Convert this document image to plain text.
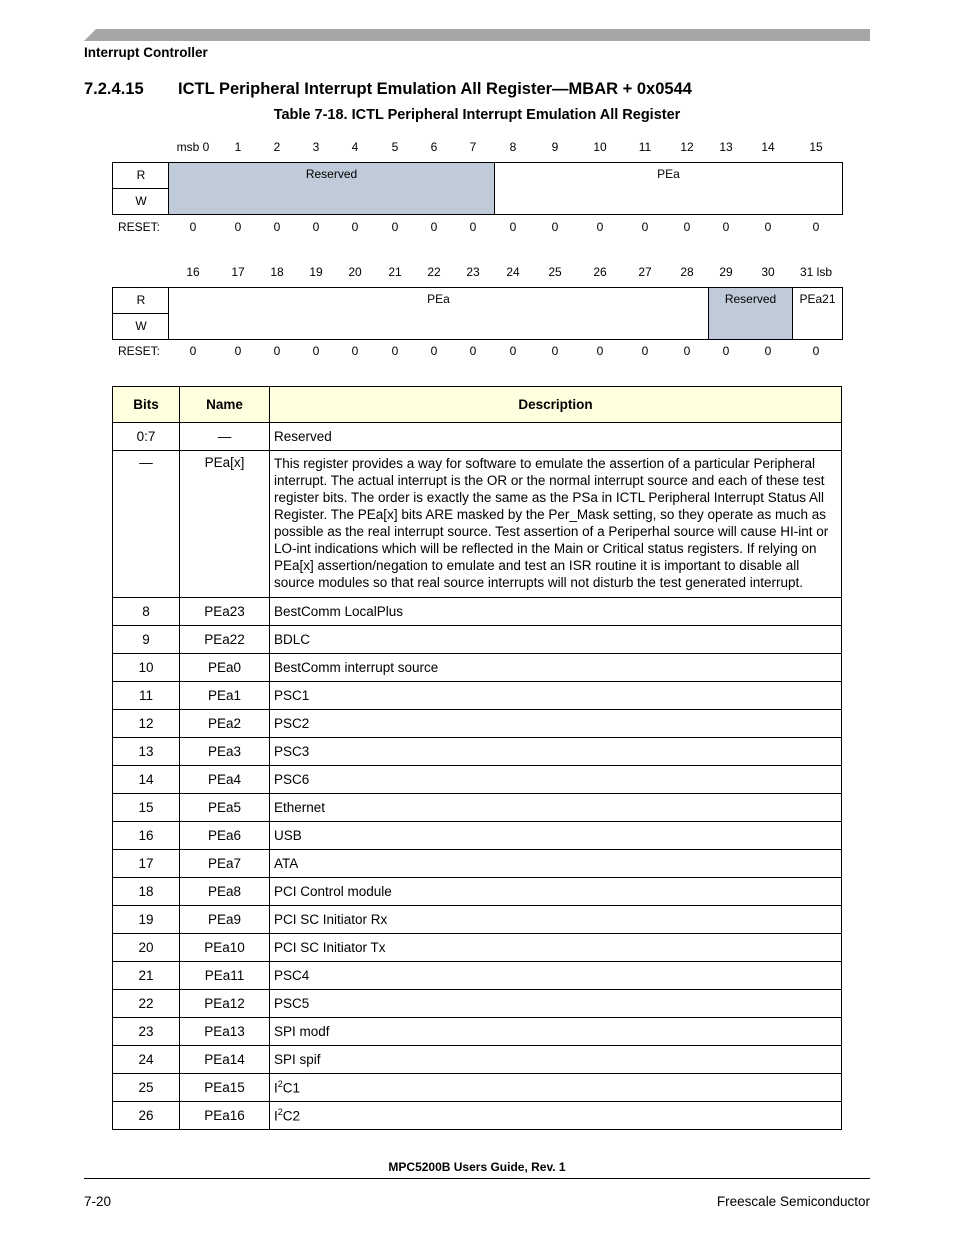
Interrupt Controller
7.2.4.15 ICTL Peripheral Interrupt Emulation All Register—MBAR + 0x0544
Table 7-18. ICTL Peripheral Interrupt Emulation All Register
msb 0 1	2	3	4	5	6	7	8	9	10	11 12 13 14	15
R
W
Reserved	PEa
RESET: 0	0	0	0	0	0	0	0	0	0	0	0	0	0	0	0
16	17 18 19 20 21 22 23 24 25	26	27 28 29 30 31 lsb
R
W
PEa	Reserved	PEa21
RESET: 0	0	0	0	0	0	0	0	0	0	0	0	0	0	0	0
Bits	Name	Description
0:7	—	Reserved
—	PEa[x]	This register provides a way for software to emulate the assertion of a particular Peripheral interrupt. The actual interrupt is the OR or the normal interrupt source and each of these test register bits. The order is exactly the same as the PSa in ICTL Peripheral Interrupt Status All Register. The PEa[x] bits ARE masked by the Per_Mask setting, so they operate as much as possible as the real interrupt source. Test assertion of a Periperhal source will cause HI-int or LO-int indications which will be reflected in the Main or Critical status registers. If relying on PEa[x] assertion/negation to emulate and test an ISR routine it is important to disable all source modules so that real source interrupts will not disturb the test generated interrupt.
8	PEa23	BestComm LocalPlus
9	PEa22	BDLC
10	PEa0	BestComm interrupt source
11	PEa1	PSC1
12	PEa2	PSC2
13	PEa3	PSC3
14	PEa4	PSC6
15	PEa5	Ethernet
16	PEa6	USB
17	PEa7	ATA
18	PEa8	PCI Control module
19	PEa9	PCI SC Initiator Rx
20	PEa10	PCI SC Initiator Tx
21	PEa11	PSC4
22	PEa12	PSC5
23	PEa13	SPI modf
24	PEa14	SPI spif
25	PEa15	$I^2C1$
26	PEa16	$I^2C2$
MPC5200B Users Guide, Rev. 1
7-20	Freescale Semiconductor
